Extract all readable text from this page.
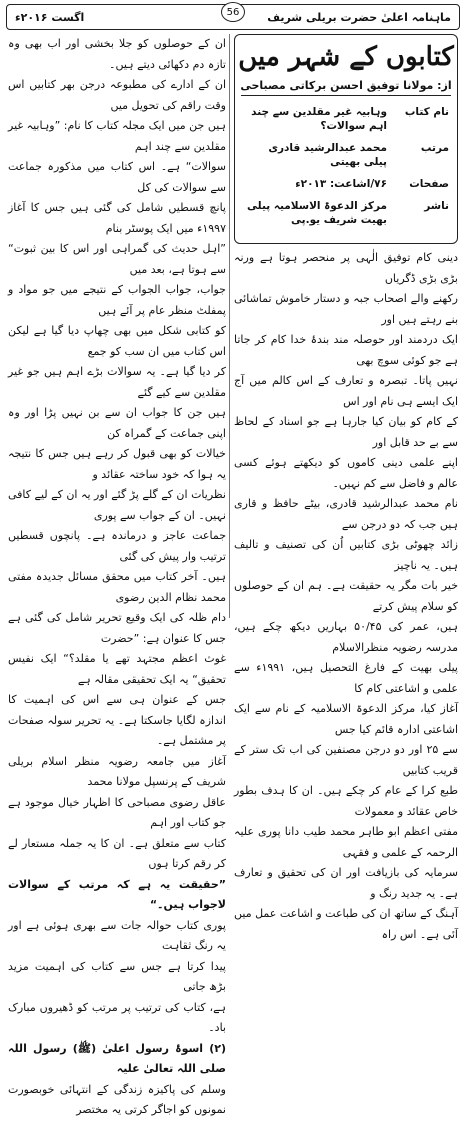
ماہنامہ اعلیٰ حضرت بریلی شریف
اگست ۲۰۱۶ء	56
کتابوں کے شہر میں
از: مولانا توفیق احسن برکاتی مصباحی
نام کتاب	وہابیہ غیر مقلدین سے چند اہم سوالات؟
مرتب	محمد عبدالرشید قادری پیلی بھیتی
صفحات	۷۶/اشاعت: ۲۰۱۳ء
ناشر	مرکز الدعوۃ الاسلامیہ پیلی بھیت شریف یو.پی

دینی کام توفیق الٰہی پر منحصر ہوتا ہے ورنہ بڑی بڑی ڈگریاں

رکھنے والے اصحاب جبہ و دستار خاموش تماشائی بنے رہتے ہیں اور

ایک دردمند اور حوصلہ مند بندۂ خدا کام کر جاتا ہے جو کوئی سوچ بھی

نہیں پاتا۔ تبصرہ و تعارف کے اس کالم میں آج ایک ایسے ہی نام اور اس

کے کام کو بیان کیا جارہا ہے جو اسناد کے لحاظ سے بے حد قابل اور

اپنے علمی دینی کاموں کو دیکھتے ہوئے کسی عالم و فاضل سے کم نہیں۔

نام محمد عبدالرشید قادری، بیٹے حافظ و قاری ہیں جب کہ دو درجن سے

زائد چھوٹی بڑی کتابیں اُن کی تصنیف و تالیف ہیں۔ یہ ناچیز

خیر بات مگر یہ حقیقت ہے۔ ہم ان کے حوصلوں کو سلام پیش کرتے

ہیں، عمر کی ۵۰/۴۵ بہاریں دیکھ چکے ہیں، مدرسہ رضویہ منظرالاسلام

پیلی بھیت کے فارغ التحصیل ہیں، ۱۹۹۱ء سے علمی و اشاعتی کام کا

آغاز کیا، مرکز الدعوۃ الاسلامیہ کے نام سے ایک اشاعتی ادارہ قائم کیا جس

سے ۲۵ اور دو درجن مصنفین کی اب تک ستر کے قریب کتابیں

طبع کرا کے عام کر چکے ہیں۔ ان کا ہدف بطور خاص عقائد و معمولات

مفتی اعظم ابو طاہر محمد طیب دانا پوری علیہ الرحمہ کے علمی و فقہی

سرمایہ کی بازیافت اور ان کی تحقیق و تعارف ہے۔ یہ جدید رنگ و

آہنگ کے ساتھ ان کی طباعت و اشاعت عمل میں آئی ہے۔ اس راہ

ان کے حوصلوں کو جلا بخشی اور اب بھی وہ تازہ دم دکھائی دیتے ہیں۔

ان کے ادارے کی مطبوعہ درجن بھر کتابیں اس وقت راقم کی تحویل میں

ہیں جن میں ایک مجلہ کتاب کا نام: ”وہابیہ غیر مقلدین سے چند اہم

سوالات“ ہے۔ اس کتاب میں مذکورہ جماعت سے سوالات کی کل

پانچ قسطیں شامل کی گئی ہیں جس کا آغاز ۱۹۹۷ء میں ایک پوسٹر بنام

”اہل حدیث کی گمراہی اور اس کا بین ثبوت“ سے ہوتا ہے، بعد میں

جواب، جواب الجواب کے نتیجے میں جو مواد و پمفلٹ منظر عام پر آئے ہیں

کو کتابی شکل میں بھی چھاپ دیا گیا ہے لیکن اس کتاب میں ان سب کو جمع

کر دیا گیا ہے۔ یہ سوالات بڑے اہم ہیں جو غیر مقلدین سے کیے گئے

ہیں جن کا جواب ان سے بن نہیں پڑا اور وہ اپنی جماعت کے گمراہ کن

خیالات کو بھی قبول کر رہے ہیں جس کا نتیجہ یہ ہوا کہ خود ساختہ عقائد و

نظریات ان کے گلے پڑ گئے اور یہ ان کے لیے کافی نہیں۔ ان کے جواب سے پوری

جماعت عاجز و درماندہ ہے۔ پانچوں قسطیں ترتیب وار پیش کی گئی

ہیں۔ آخر کتاب میں محقق مسائل جدیدہ مفتی محمد نظام الدین رضوی

دام ظلہ کی ایک وقیع تحریر شامل کی گئی ہے جس کا عنوان ہے: ”حضرت

غوث اعظم مجتہد تھے یا مقلد؟“ ایک نفیس تحقیق“ یہ ایک تحقیقی مقالہ ہے

جس کے عنوان ہی سے اس کی اہمیت کا اندازہ لگایا جاسکتا ہے۔ یہ تحریر سولہ صفحات پر مشتمل ہے۔

آغاز میں جامعہ رضویہ منظر اسلام بریلی شریف کے پرنسپل مولانا محمد

عاقل رضوی مصباحی کا اظہار خیال موجود ہے جو کتاب اور اہم

کتاب سے متعلق ہے۔ ان کا یہ جملہ مستعار لے کر رقم کرتا ہوں

”حقیقت یہ ہے کہ مرتب کے سوالات لاجواب ہیں۔“

پوری کتاب حوالہ جات سے بھری ہوئی ہے اور یہ رنگ ثقاہت

پیدا کرتا ہے جس سے کتاب کی اہمیت مزید بڑھ جاتی

ہے، کتاب کی ترتیب پر مرتب کو ڈھیروں مبارک باد۔

(۲) اسوۂ رسول اعلیٰ (ﷺ) رسول اللہ صلی اللہ تعالیٰ علیہ

وسلم کی پاکیزہ زندگی کے انتہائی خوبصورت نمونوں کو اجاگر کرتی یہ مختصر
